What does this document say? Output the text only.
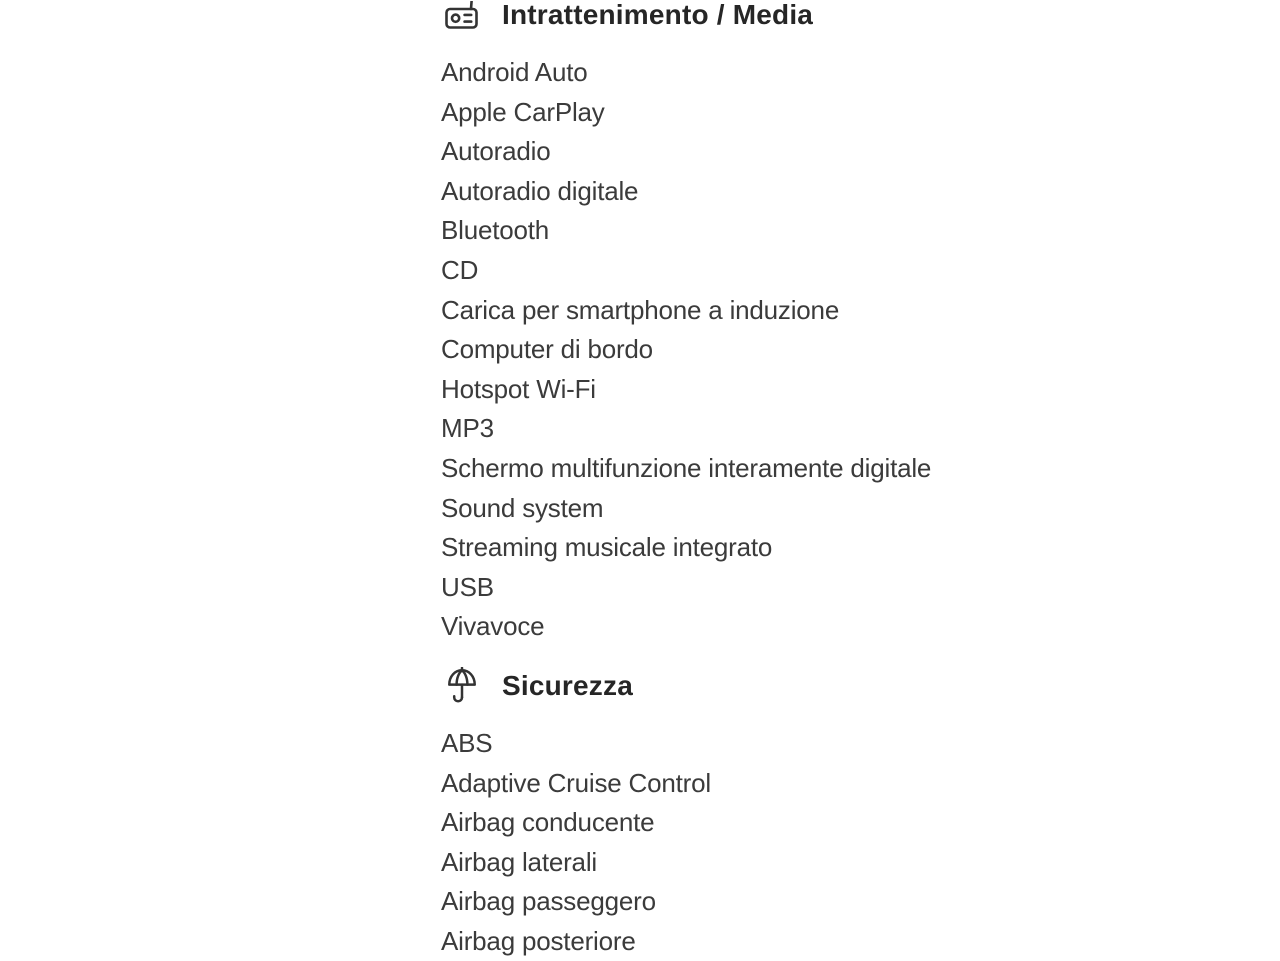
Intrattenimento / Media
Android Auto
Apple CarPlay
Autoradio
Autoradio digitale
Bluetooth
CD
Carica per smartphone a induzione
Computer di bordo
Hotspot Wi-Fi
MP3
Schermo multifunzione interamente digitale
Sound system
Streaming musicale integrato
USB
Vivavoce
Sicurezza
ABS
Adaptive Cruise Control
Airbag conducente
Airbag laterali
Airbag passeggero
Airbag posteriore
